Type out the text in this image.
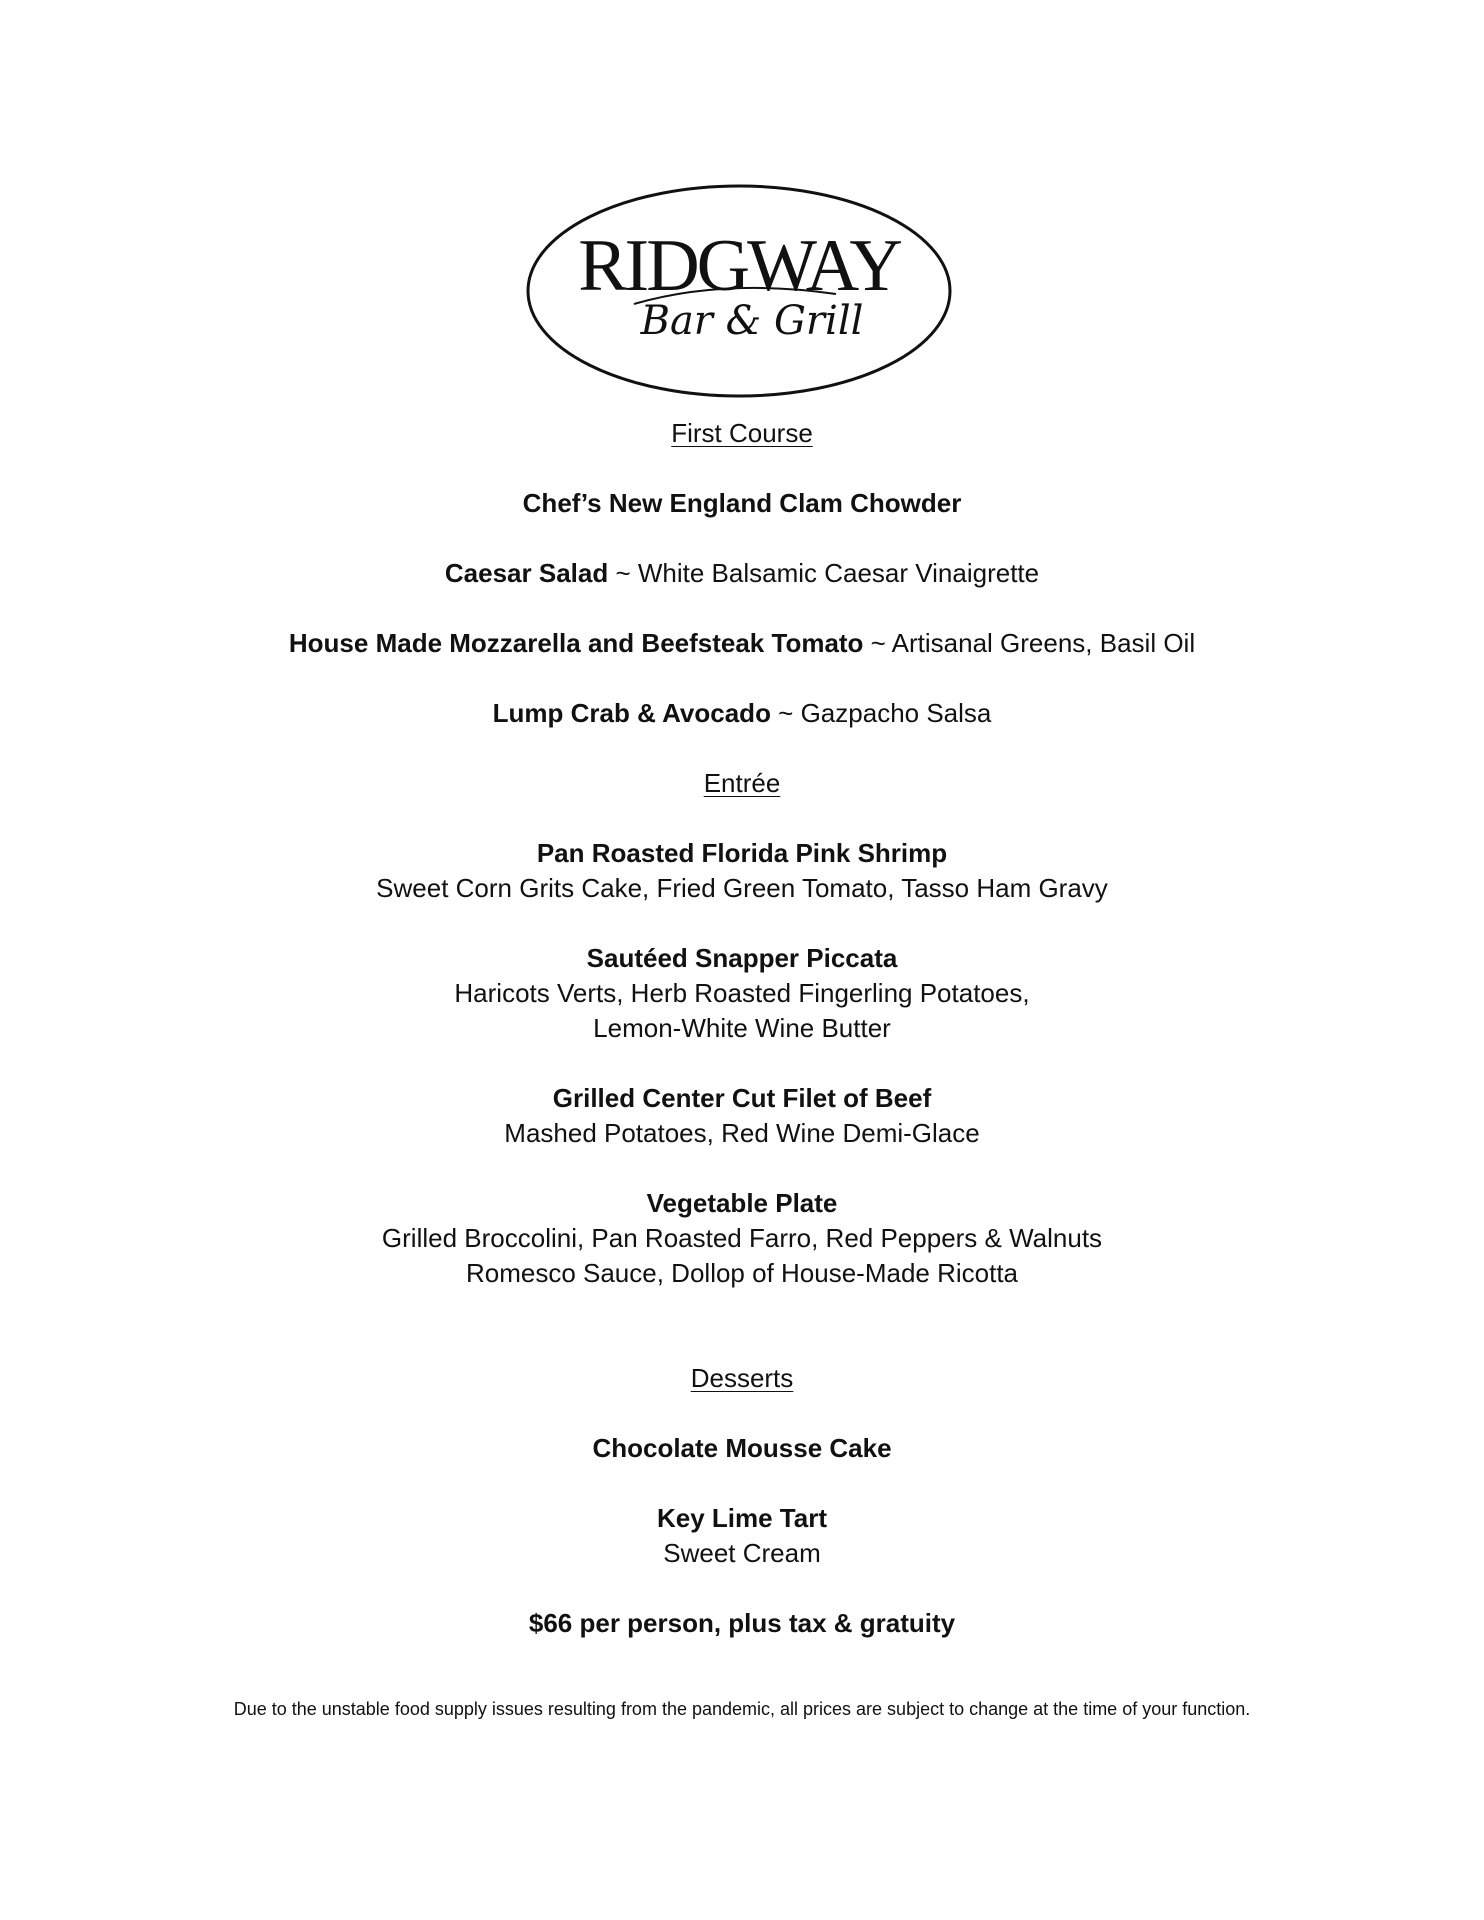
RIDGWAY
Bar & Grill
First Course
Chef’s New England Clam Chowder
Caesar Salad ~ White Balsamic Caesar Vinaigrette
House Made Mozzarella and Beefsteak Tomato ~ Artisanal Greens, Basil Oil
Lump Crab & Avocado ~ Gazpacho Salsa
Entrée
Pan Roasted Florida Pink Shrimp
Sweet Corn Grits Cake, Fried Green Tomato, Tasso Ham Gravy
Sautéed Snapper Piccata
Haricots Verts, Herb Roasted Fingerling Potatoes,
Lemon-White Wine Butter
Grilled Center Cut Filet of Beef
Mashed Potatoes, Red Wine Demi-Glace
Vegetable Plate
Grilled Broccolini, Pan Roasted Farro, Red Peppers & Walnuts
Romesco Sauce, Dollop of House-Made Ricotta
Desserts
Chocolate Mousse Cake
Key Lime Tart
Sweet Cream
$66 per person, plus tax & gratuity
Due to the unstable food supply issues resulting from the pandemic, all prices are subject to change at the time of your function.
